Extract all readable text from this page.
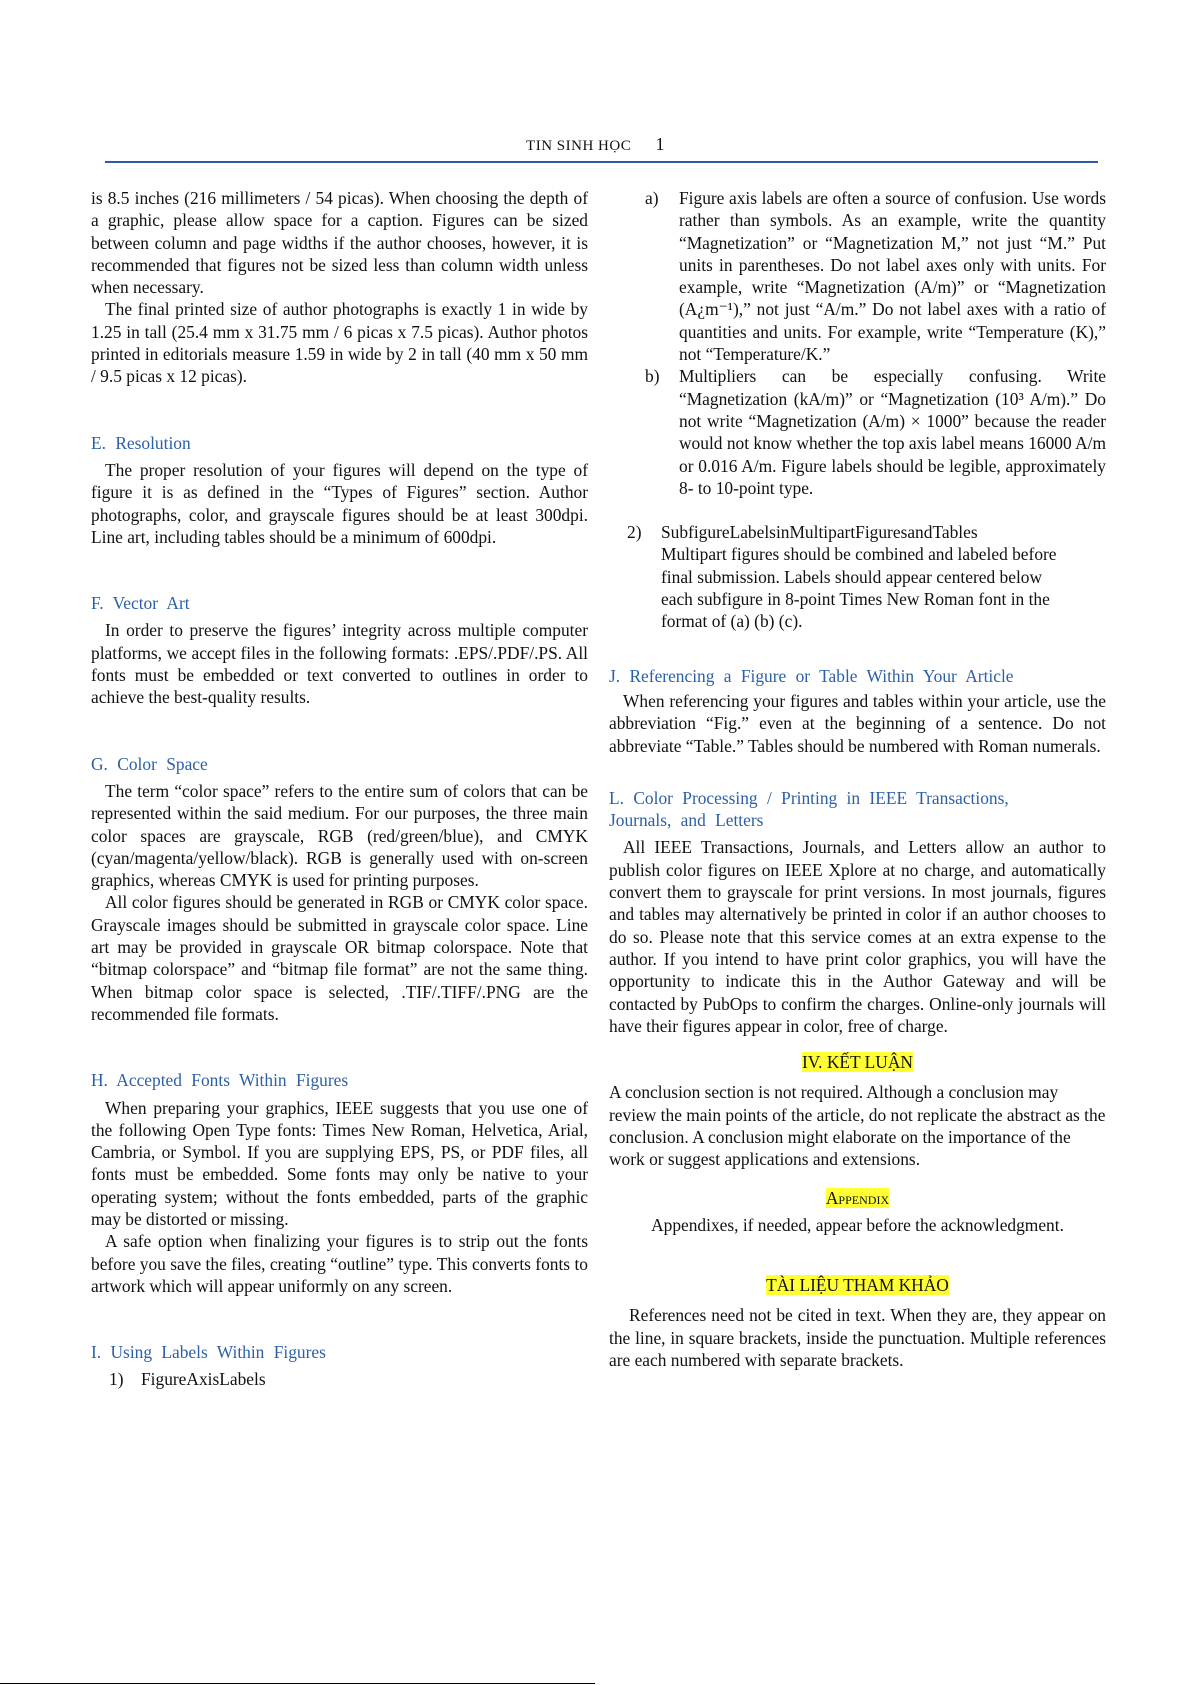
TIN SINH HỌC 1

is 8.5 inches (216 millimeters / 54 picas). When choosing the depth of a graphic, please allow space for a caption. Figures can be sized between column and page widths if the author chooses, however, it is recommended that figures not be sized less than column width unless when necessary.

The final printed size of author photographs is exactly 1 in wide by 1.25 in tall (25.4 mm x 31.75 mm / 6 picas x 7.5 picas). Author photos printed in editorials measure 1.59 in wide by 2 in tall (40 mm x 50 mm / 9.5 picas x 12 picas).

E. Resolution

The proper resolution of your figures will depend on the type of figure it is as defined in the “Types of Figures” section. Author photographs, color, and grayscale figures should be at least 300dpi. Line art, including tables should be a minimum of 600dpi.

F. Vector Art

In order to preserve the figures’ integrity across multiple computer platforms, we accept files in the following formats: .EPS/.PDF/.PS. All fonts must be embedded or text converted to outlines in order to achieve the best-quality results.

G. Color Space

The term “color space” refers to the entire sum of colors that can be represented within the said medium. For our purposes, the three main color spaces are grayscale, RGB (red/green/blue), and CMYK (cyan/magenta/yellow/black). RGB is generally used with on-screen graphics, whereas CMYK is used for printing purposes.

All color figures should be generated in RGB or CMYK color space. Grayscale images should be submitted in grayscale color space. Line art may be provided in grayscale OR bitmap colorspace. Note that “bitmap colorspace” and “bitmap file format” are not the same thing. When bitmap color space is selected, .TIF/.TIFF/.PNG are the recommended file formats.

H. Accepted Fonts Within Figures

When preparing your graphics, IEEE suggests that you use one of the following Open Type fonts: Times New Roman, Helvetica, Arial, Cambria, or Symbol. If you are supplying EPS, PS, or PDF files, all fonts must be embedded. Some fonts may only be native to your operating system; without the fonts embedded, parts of the graphic may be distorted or missing.

A safe option when finalizing your figures is to strip out the fonts before you save the files, creating “outline” type. This converts fonts to artwork which will appear uniformly on any screen.

I. Using Labels Within Figures
1)	FigureAxisLabels
a)	Figure axis labels are often a source of confusion. Use words rather than symbols. As an example, write the quantity “Magnetization” or “Magnetization M,” not just “M.” Put units in parentheses. Do not label axes only with units. For example, write “Magnetization (A/m)” or “Magnetization (A¿m⁻¹),” not just “A/m.” Do not label axes with a ratio of quantities and units. For example, write “Temperature (K),” not “Temperature/K.”
b)	Multipliers can be especially confusing. Write “Magnetization (kA/m)” or “Magnetization (10³ A/m).” Do not write “Magnetization (A/m) × 1000” because the reader would not know whether the top axis label means 16000 A/m or 0.016 A/m. Figure labels should be legible, approximately 8- to 10-point type.
2)	SubfigureLabelsinMultipartFiguresandTables

Multipart figures should be combined and labeled before final submission. Labels should appear centered below each subfigure in 8-point Times New Roman font in the format of (a) (b) (c).
J. Referencing a Figure or Table Within Your Article

When referencing your figures and tables within your article, use the abbreviation “Fig.” even at the beginning of a sentence. Do not abbreviate “Table.” Tables should be numbered with Roman numerals.

L. Color Processing / Printing in IEEE Transactions, Journals, and Letters

All IEEE Transactions, Journals, and Letters allow an author to publish color figures on IEEE Xplore at no charge, and automatically convert them to grayscale for print versions. In most journals, figures and tables may alternatively be printed in color if an author chooses to do so. Please note that this service comes at an extra expense to the author. If you intend to have print color graphics, you will have the opportunity to indicate this in the Author Gateway and will be contacted by PubOps to confirm the charges. Online-only journals will have their figures appear in color, free of charge.

IV. KẾT LUẬN

A conclusion section is not required. Although a conclusion may review the main points of the article, do not replicate the abstract as the conclusion. A conclusion might elaborate on the importance of the work or suggest applications and extensions.

Appendix

Appendixes, if needed, appear before the acknowledgment.

TÀI LIỆU THAM KHẢO

References need not be cited in text. When they are, they appear on the line, in square brackets, inside the punctuation. Multiple references are each numbered with separate brackets.
